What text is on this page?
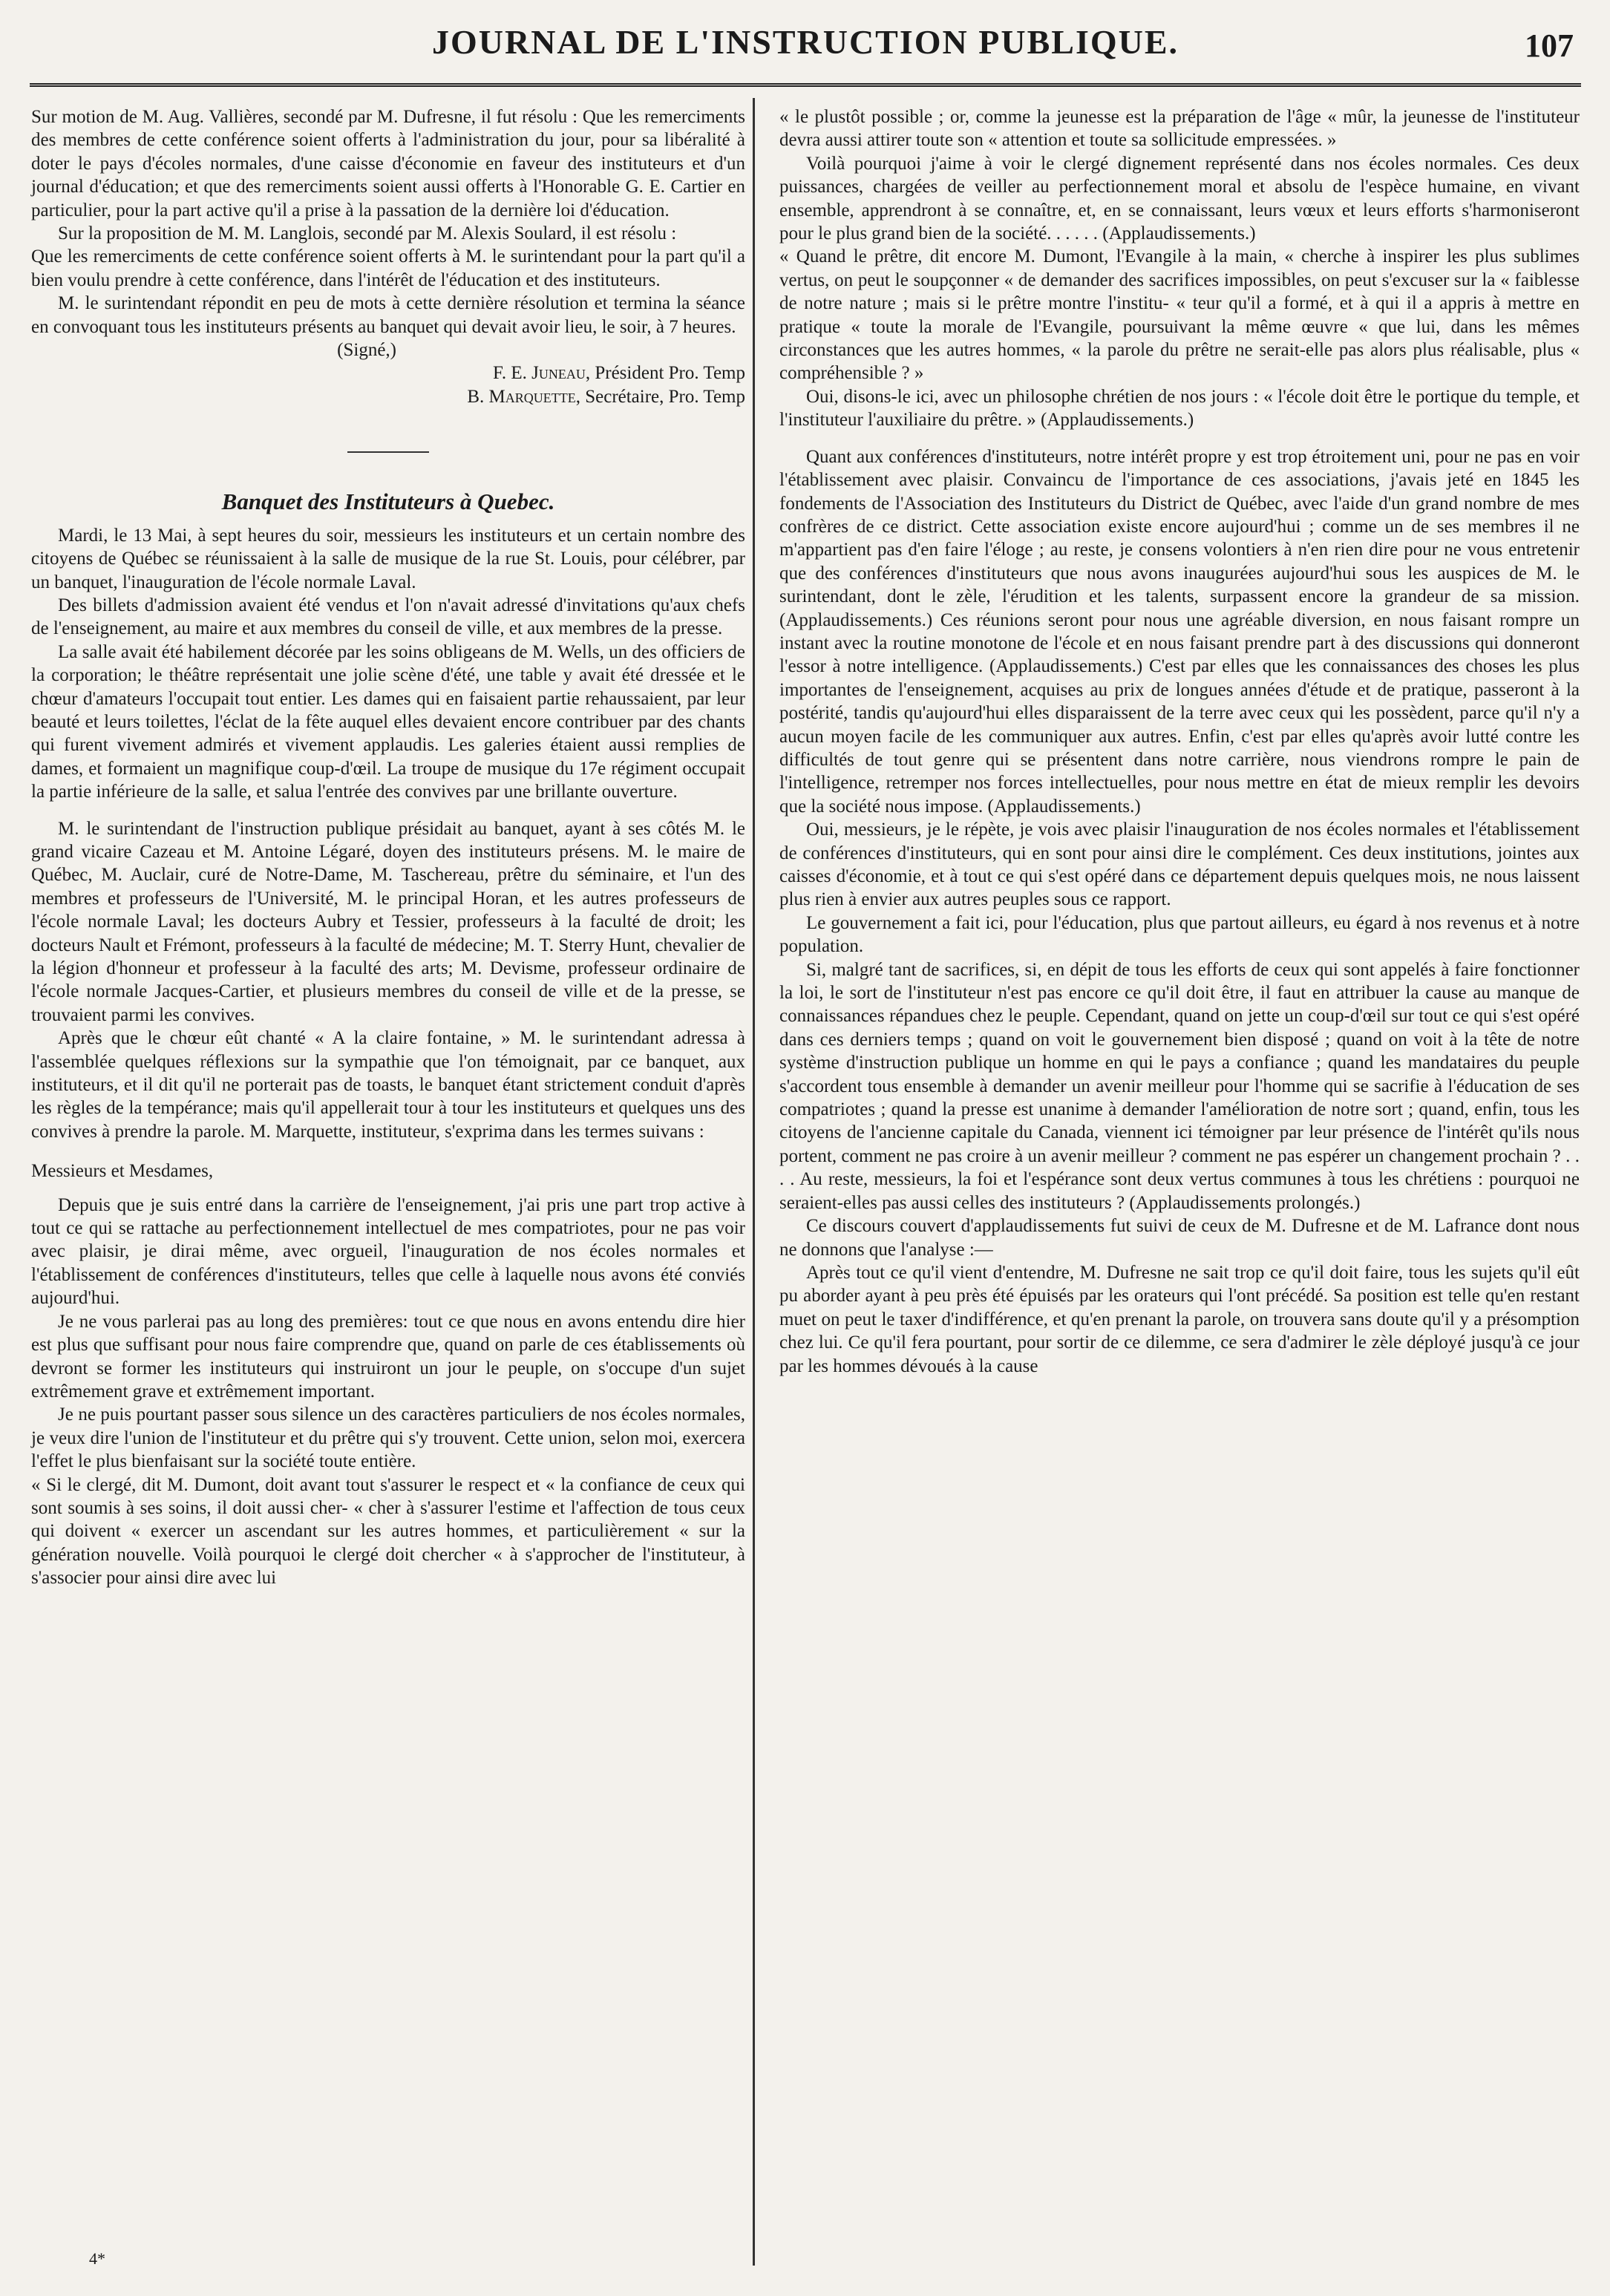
JOURNAL DE L'INSTRUCTION PUBLIQUE.	107

Sur motion de M. Aug. Vallières, secondé par M. Dufresne, il fut résolu : Que les remerciments des membres de cette conférence soient offerts à l'administration du jour, pour sa libéralité à doter le pays d'écoles normales, d'une caisse d'économie en faveur des instituteurs et d'un journal d'éducation; et que des remerciments soient aussi offerts à l'Honorable G. E. Cartier en particulier, pour la part active qu'il a prise à la passation de la dernière loi d'éducation.

Sur la proposition de M. M. Langlois, secondé par M. Alexis Soulard, il est résolu :

Que les remerciments de cette conférence soient offerts à M. le surintendant pour la part qu'il a bien voulu prendre à cette conférence, dans l'intérêt de l'éducation et des instituteurs.

M. le surintendant répondit en peu de mots à cette dernière résolution et termina la séance en convoquant tous les instituteurs présents au banquet qui devait avoir lieu, le soir, à 7 heures.

(Signé,)
F. E. Juneau, Président Pro. Temp
B. Marquette, Secrétaire, Pro. Temp
Banquet des Instituteurs à Quebec.

Mardi, le 13 Mai, à sept heures du soir, messieurs les instituteurs et un certain nombre des citoyens de Québec se réunissaient à la salle de musique de la rue St. Louis, pour célébrer, par un banquet, l'inauguration de l'école normale Laval.

Des billets d'admission avaient été vendus et l'on n'avait adressé d'invitations qu'aux chefs de l'enseignement, au maire et aux membres du conseil de ville, et aux membres de la presse.

La salle avait été habilement décorée par les soins obligeans de M. Wells, un des officiers de la corporation; le théâtre représentait une jolie scène d'été, une table y avait été dressée et le chœur d'amateurs l'occupait tout entier. Les dames qui en faisaient partie rehaussaient, par leur beauté et leurs toilettes, l'éclat de la fête auquel elles devaient encore contribuer par des chants qui furent vivement admirés et vivement applaudis. Les galeries étaient aussi remplies de dames, et formaient un magnifique coup-d'œil. La troupe de musique du 17e régiment occupait la partie inférieure de la salle, et salua l'entrée des convives par une brillante ouverture.

M. le surintendant de l'instruction publique présidait au banquet, ayant à ses côtés M. le grand vicaire Cazeau et M. Antoine Légaré, doyen des instituteurs présens. M. le maire de Québec, M. Auclair, curé de Notre-Dame, M. Taschereau, prêtre du séminaire, et l'un des membres et professeurs de l'Université, M. le principal Horan, et les autres professeurs de l'école normale Laval; les docteurs Aubry et Tessier, professeurs à la faculté de droit; les docteurs Nault et Frémont, professeurs à la faculté de médecine; M. T. Sterry Hunt, chevalier de la légion d'honneur et professeur à la faculté des arts; M. Devisme, professeur ordinaire de l'école normale Jacques-Cartier, et plusieurs membres du conseil de ville et de la presse, se trouvaient parmi les convives.

Après que le chœur eût chanté « A la claire fontaine, » M. le surintendant adressa à l'assemblée quelques réflexions sur la sympathie que l'on témoignait, par ce banquet, aux instituteurs, et il dit qu'il ne porterait pas de toasts, le banquet étant strictement conduit d'après les règles de la tempérance; mais qu'il appellerait tour à tour les instituteurs et quelques uns des convives à prendre la parole. M. Marquette, instituteur, s'exprima dans les termes suivans :

Messieurs et Mesdames,

Depuis que je suis entré dans la carrière de l'enseignement, j'ai pris une part trop active à tout ce qui se rattache au perfectionnement intellectuel de mes compatriotes, pour ne pas voir avec plaisir, je dirai même, avec orgueil, l'inauguration de nos écoles normales et l'établissement de conférences d'instituteurs, telles que celle à laquelle nous avons été conviés aujourd'hui.

Je ne vous parlerai pas au long des premières: tout ce que nous en avons entendu dire hier est plus que suffisant pour nous faire comprendre que, quand on parle de ces établissements où devront se former les instituteurs qui instruiront un jour le peuple, on s'occupe d'un sujet extrêmement grave et extrêmement important.

Je ne puis pourtant passer sous silence un des caractères particuliers de nos écoles normales, je veux dire l'union de l'instituteur et du prêtre qui s'y trouvent. Cette union, selon moi, exercera l'effet le plus bienfaisant sur la société toute entière.

« Si le clergé, dit M. Dumont, doit avant tout s'assurer le respect et « la confiance de ceux qui sont soumis à ses soins, il doit aussi cher- « cher à s'assurer l'estime et l'affection de tous ceux qui doivent « exercer un ascendant sur les autres hommes, et particulièrement « sur la génération nouvelle. Voilà pourquoi le clergé doit chercher « à s'approcher de l'instituteur, à s'associer pour ainsi dire avec lui

« le plustôt possible ; or, comme la jeunesse est la préparation de l'âge « mûr, la jeunesse de l'instituteur devra aussi attirer toute son « attention et toute sa sollicitude empressées. »

Voilà pourquoi j'aime à voir le clergé dignement représenté dans nos écoles normales. Ces deux puissances, chargées de veiller au perfectionnement moral et absolu de l'espèce humaine, en vivant ensemble, apprendront à se connaître, et, en se connaissant, leurs vœux et leurs efforts s'harmoniseront pour le plus grand bien de la société. . . . . . (Applaudissements.)

« Quand le prêtre, dit encore M. Dumont, l'Evangile à la main, « cherche à inspirer les plus sublimes vertus, on peut le soupçonner « de demander des sacrifices impossibles, on peut s'excuser sur la « faiblesse de notre nature ; mais si le prêtre montre l'institu- « teur qu'il a formé, et à qui il a appris à mettre en pratique « toute la morale de l'Evangile, poursuivant la même œuvre « que lui, dans les mêmes circonstances que les autres hommes, « la parole du prêtre ne serait-elle pas alors plus réalisable, plus « compréhensible ? »

Oui, disons-le ici, avec un philosophe chrétien de nos jours : « l'école doit être le portique du temple, et l'instituteur l'auxiliaire du prêtre. » (Applaudissements.)

Quant aux conférences d'instituteurs, notre intérêt propre y est trop étroitement uni, pour ne pas en voir l'établissement avec plaisir. Convaincu de l'importance de ces associations, j'avais jeté en 1845 les fondements de l'Association des Instituteurs du District de Québec, avec l'aide d'un grand nombre de mes confrères de ce district. Cette association existe encore aujourd'hui ; comme un de ses membres il ne m'appartient pas d'en faire l'éloge ; au reste, je consens volontiers à n'en rien dire pour ne vous entretenir que des conférences d'instituteurs que nous avons inaugurées aujourd'hui sous les auspices de M. le surintendant, dont le zèle, l'érudition et les talents, surpassent encore la grandeur de sa mission. (Applaudissements.) Ces réunions seront pour nous une agréable diversion, en nous faisant rompre un instant avec la routine monotone de l'école et en nous faisant prendre part à des discussions qui donneront l'essor à notre intelligence. (Applaudissements.) C'est par elles que les connaissances des choses les plus importantes de l'enseignement, acquises au prix de longues années d'étude et de pratique, passeront à la postérité, tandis qu'aujourd'hui elles disparaissent de la terre avec ceux qui les possèdent, parce qu'il n'y a aucun moyen facile de les communiquer aux autres. Enfin, c'est par elles qu'après avoir lutté contre les difficultés de tout genre qui se présentent dans notre carrière, nous viendrons rompre le pain de l'intelligence, retremper nos forces intellectuelles, pour nous mettre en état de mieux remplir les devoirs que la société nous impose. (Applaudissements.)

Oui, messieurs, je le répète, je vois avec plaisir l'inauguration de nos écoles normales et l'établissement de conférences d'instituteurs, qui en sont pour ainsi dire le complément. Ces deux institutions, jointes aux caisses d'économie, et à tout ce qui s'est opéré dans ce département depuis quelques mois, ne nous laissent plus rien à envier aux autres peuples sous ce rapport.

Le gouvernement a fait ici, pour l'éducation, plus que partout ailleurs, eu égard à nos revenus et à notre population.

Si, malgré tant de sacrifices, si, en dépit de tous les efforts de ceux qui sont appelés à faire fonctionner la loi, le sort de l'instituteur n'est pas encore ce qu'il doit être, il faut en attribuer la cause au manque de connaissances répandues chez le peuple. Cependant, quand on jette un coup-d'œil sur tout ce qui s'est opéré dans ces derniers temps ; quand on voit le gouvernement bien disposé ; quand on voit à la tête de notre système d'instruction publique un homme en qui le pays a confiance ; quand les mandataires du peuple s'accordent tous ensemble à demander un avenir meilleur pour l'homme qui se sacrifie à l'éducation de ses compatriotes ; quand la presse est unanime à demander l'amélioration de notre sort ; quand, enfin, tous les citoyens de l'ancienne capitale du Canada, viennent ici témoigner par leur présence de l'intérêt qu'ils nous portent, comment ne pas croire à un avenir meilleur ? comment ne pas espérer un changement prochain ? . . . . Au reste, messieurs, la foi et l'espérance sont deux vertus communes à tous les chrétiens : pourquoi ne seraient-elles pas aussi celles des instituteurs ? (Applaudissements prolongés.)

Ce discours couvert d'applaudissements fut suivi de ceux de M. Dufresne et de M. Lafrance dont nous ne donnons que l'analyse :—

Après tout ce qu'il vient d'entendre, M. Dufresne ne sait trop ce qu'il doit faire, tous les sujets qu'il eût pu aborder ayant à peu près été épuisés par les orateurs qui l'ont précédé. Sa position est telle qu'en restant muet on peut le taxer d'indifférence, et qu'en prenant la parole, on trouvera sans doute qu'il y a présomption chez lui. Ce qu'il fera pourtant, pour sortir de ce dilemme, ce sera d'admirer le zèle déployé jusqu'à ce jour par les hommes dévoués à la cause

4*
